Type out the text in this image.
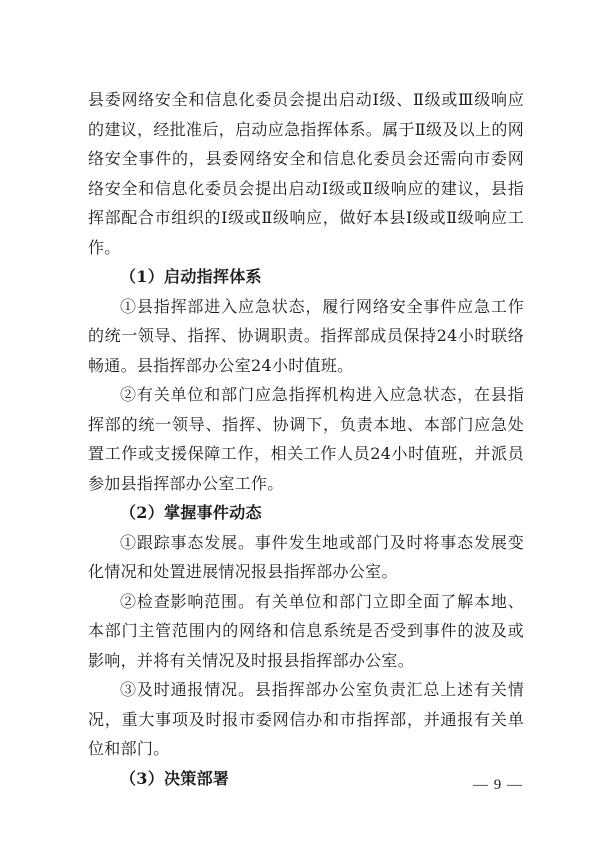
县委网络安全和信息化委员会提出启动Ⅰ级、Ⅱ级或Ⅲ级响应的建议，经批准后，启动应急指挥体系。属于Ⅱ级及以上的网络安全事件的，县委网络安全和信息化委员会还需向市委网络安全和信息化委员会提出启动Ⅰ级或Ⅱ级响应的建议，县指挥部配合市组织的Ⅰ级或Ⅱ级响应，做好本县Ⅰ级或Ⅱ级响应工作。

（1）启动指挥体系

①县指挥部进入应急状态，履行网络安全事件应急工作的统一领导、指挥、协调职责。指挥部成员保持24小时联络畅通。县指挥部办公室24小时值班。

②有关单位和部门应急指挥机构进入应急状态，在县指挥部的统一领导、指挥、协调下，负责本地、本部门应急处置工作或支援保障工作，相关工作人员24小时值班，并派员参加县指挥部办公室工作。

（2）掌握事件动态

①跟踪事态发展。事件发生地或部门及时将事态发展变化情况和处置进展情况报县指挥部办公室。

②检查影响范围。有关单位和部门立即全面了解本地、本部门主管范围内的网络和信息系统是否受到事件的波及或影响，并将有关情况及时报县指挥部办公室。

③及时通报情况。县指挥部办公室负责汇总上述有关情况，重大事项及时报市委网信办和市指挥部，并通报有关单位和部门。

（3）决策部署	— 9 —
